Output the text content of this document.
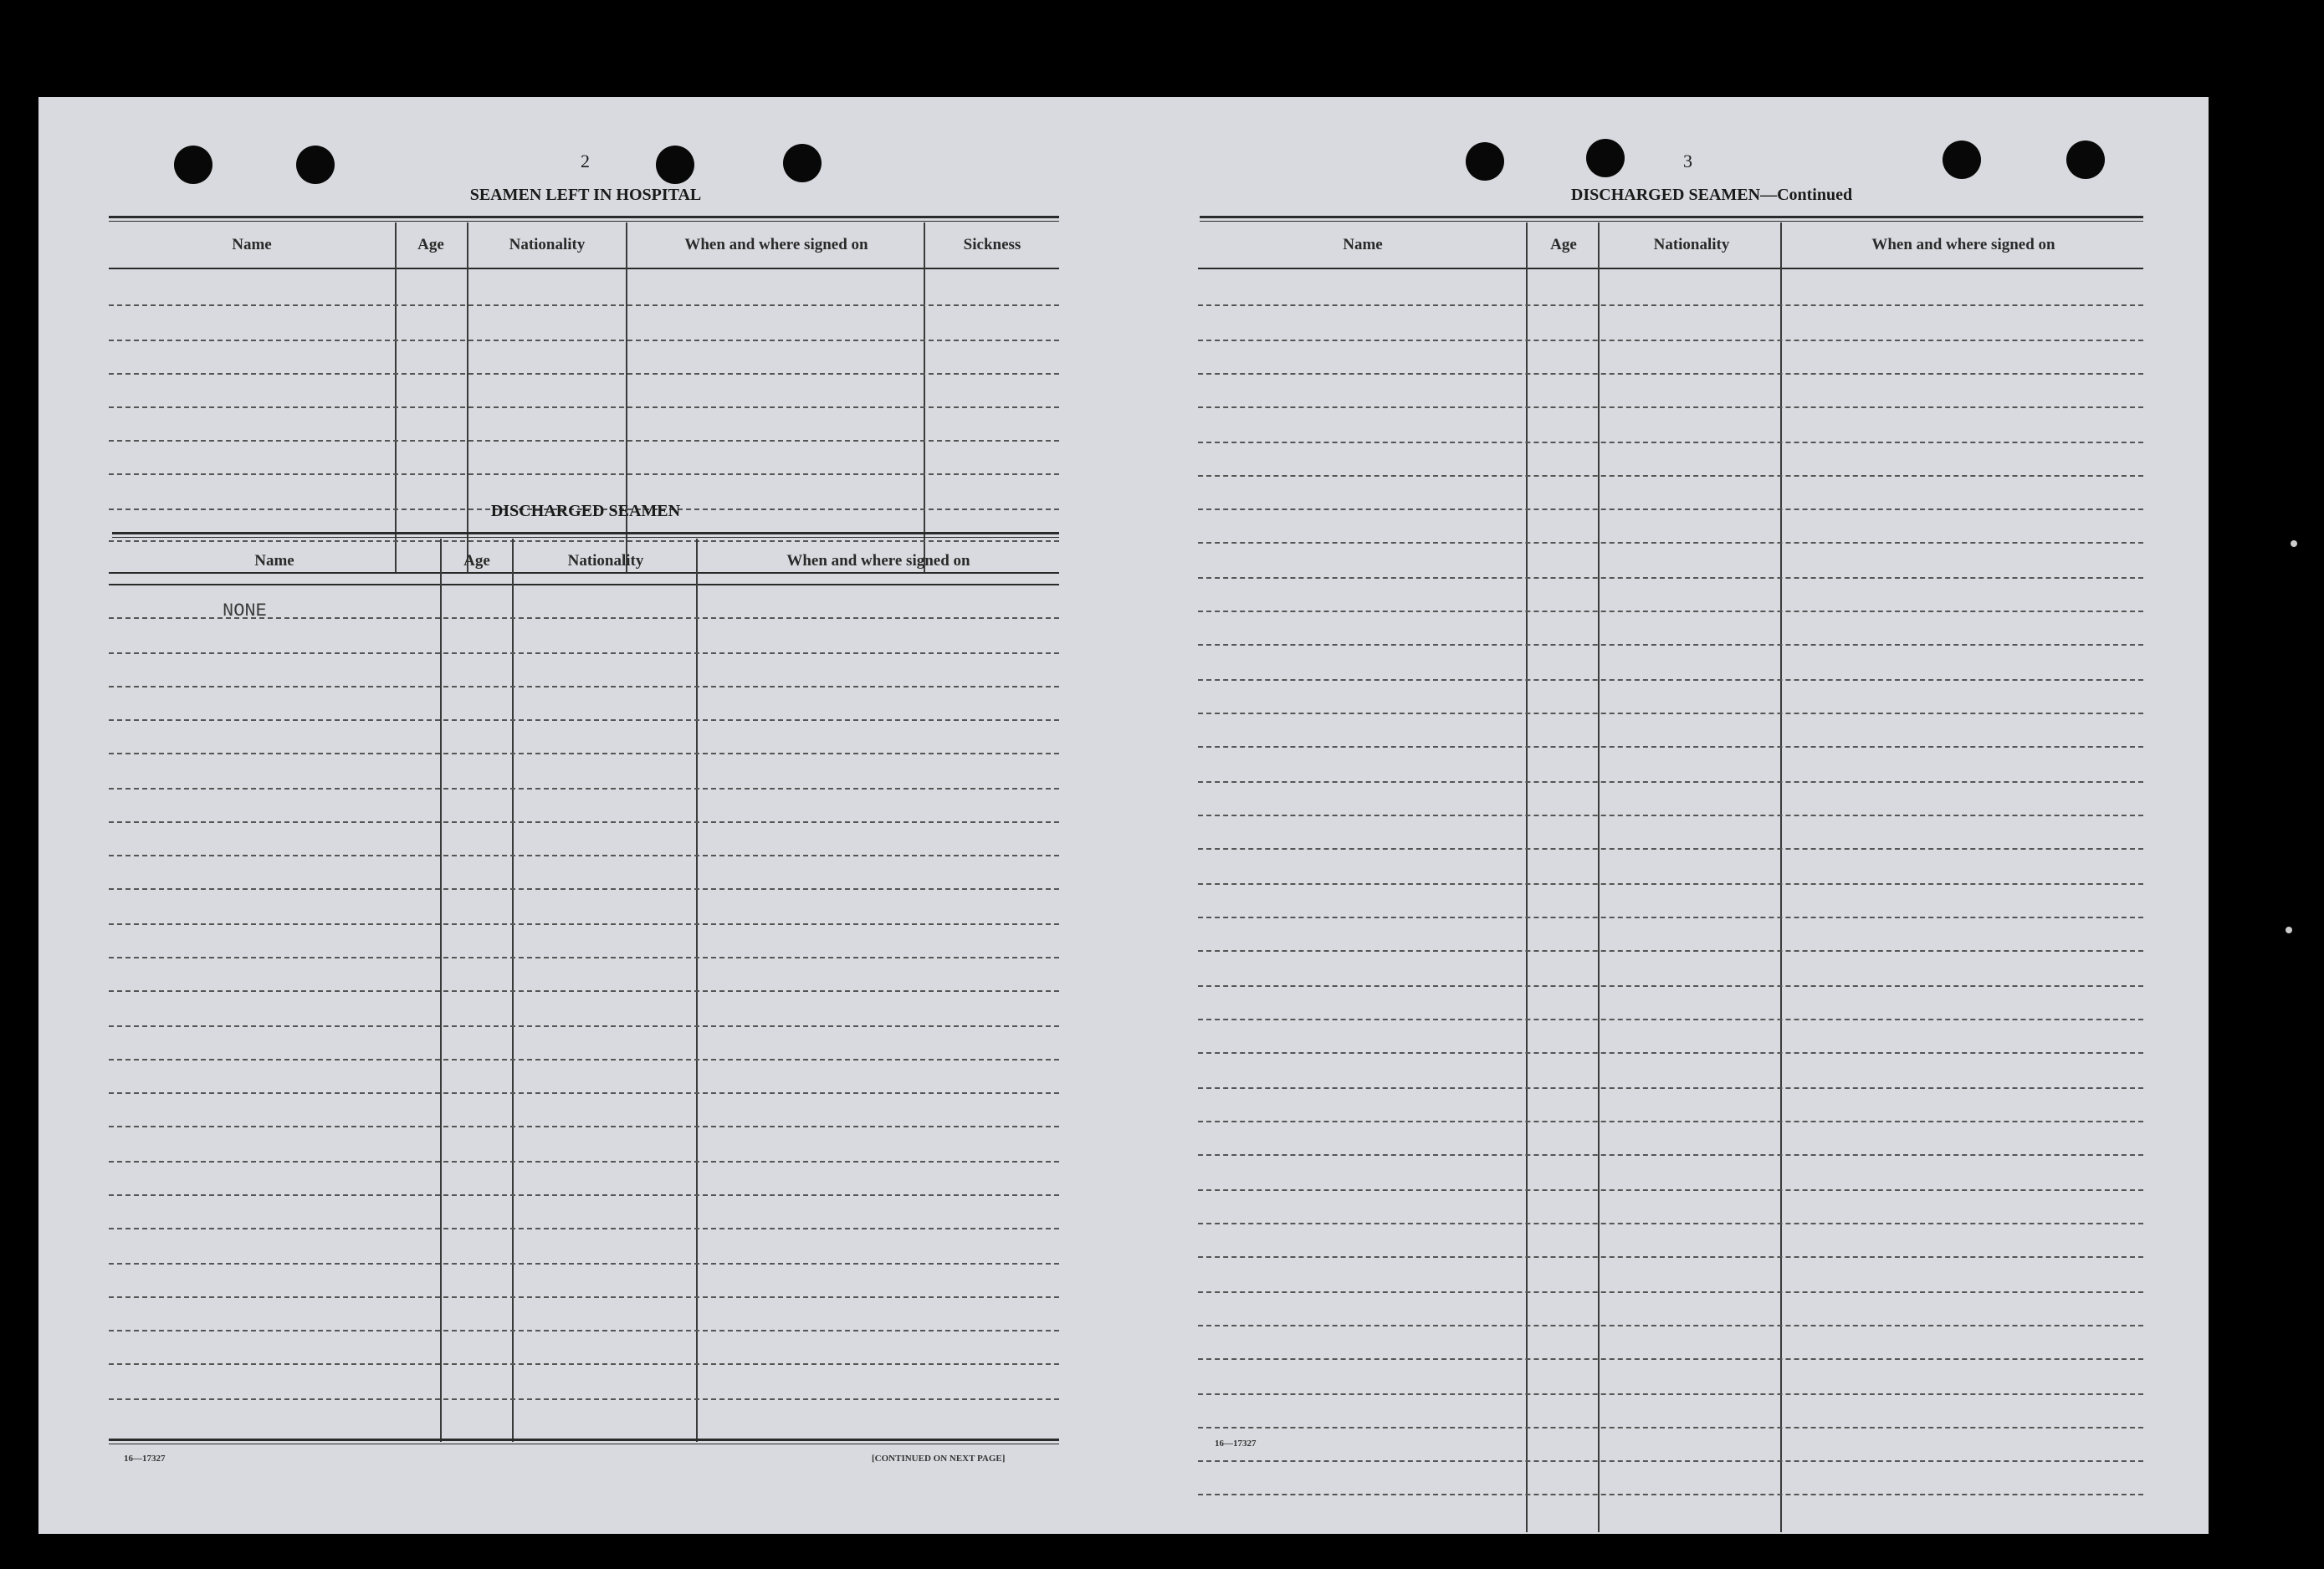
2
SEAMEN LEFT IN HOSPITAL
Name	Age	Nationality	When and where signed on	Sickness
DISCHARGED SEAMEN
Name	Age	Nationality	When and where signed on
NONE
16—17327	[CONTINUED ON NEXT PAGE]
3
DISCHARGED SEAMEN—Continued
Name	Age	Nationality	When and where signed on
16—17327
